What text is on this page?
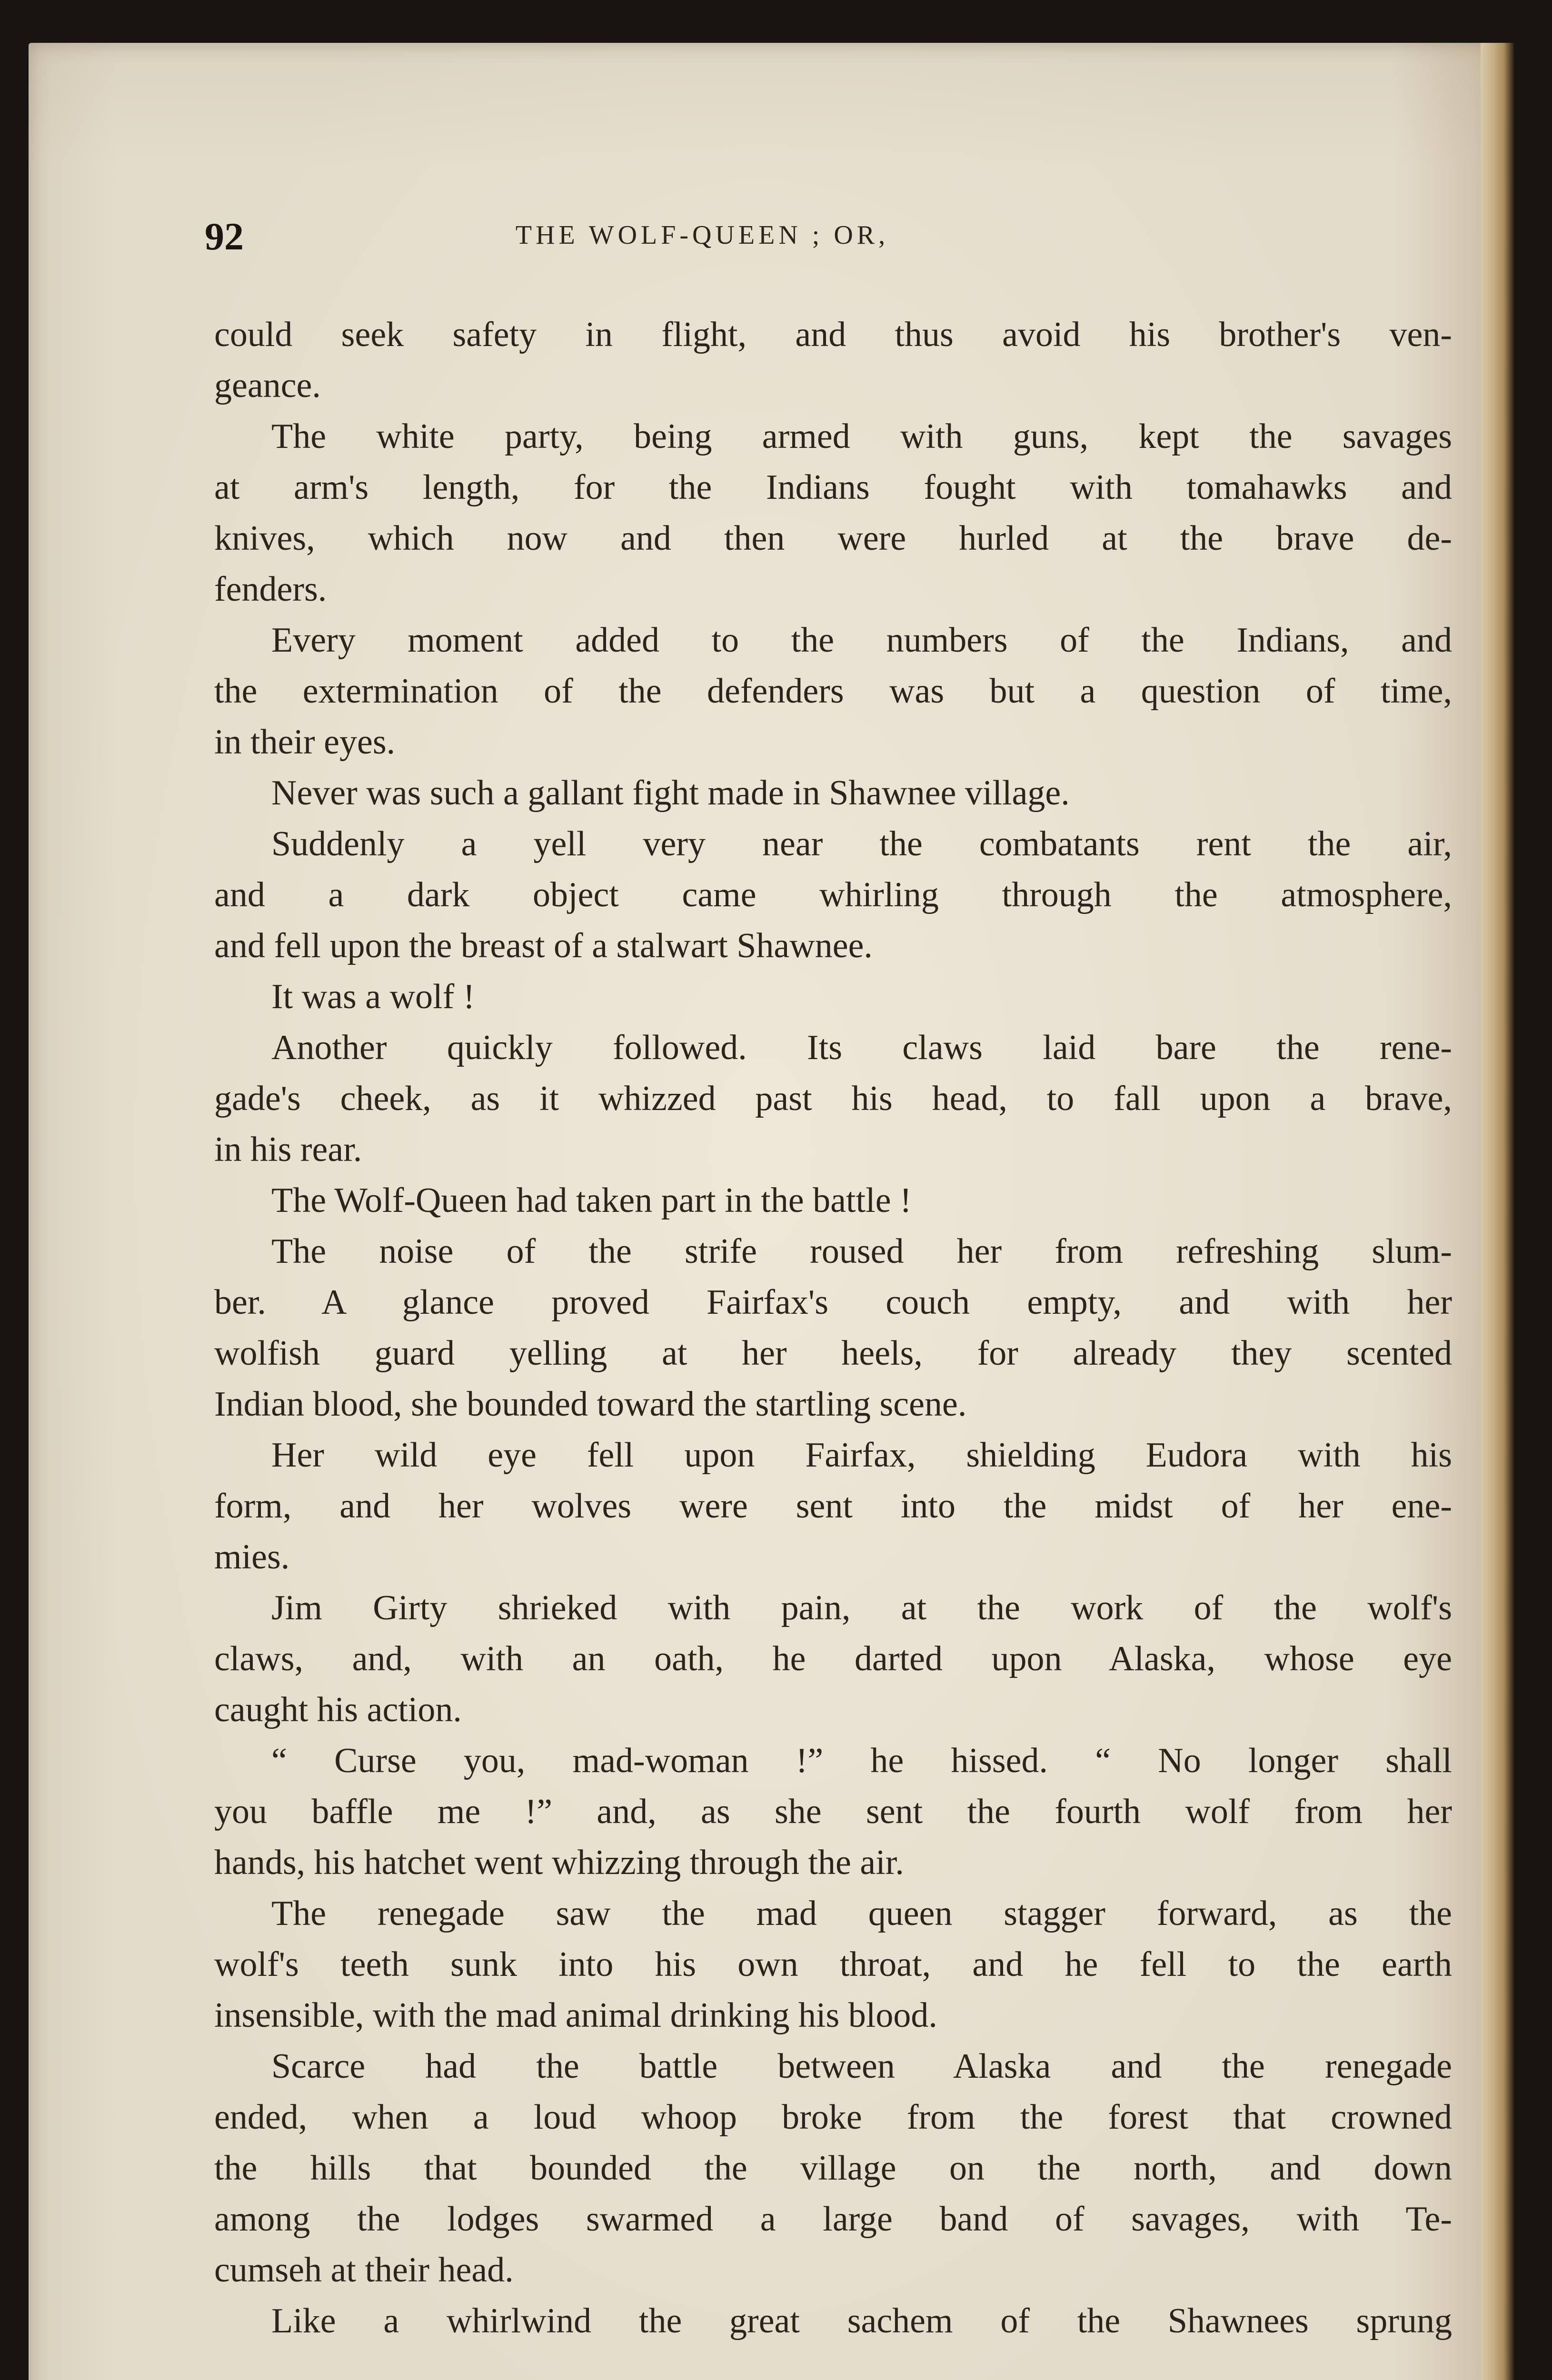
92	THE WOLF-QUEEN ; OR,
could seek safety in flight, and thus avoid his brother's ven-
geance.
The white party, being armed with guns, kept the savages
at arm's length, for the Indians fought with tomahawks and
knives, which now and then were hurled at the brave de-
fenders.
Every moment added to the numbers of the Indians, and
the extermination of the defenders was but a question of time,
in their eyes.
Never was such a gallant fight made in Shawnee village.
Suddenly a yell very near the combatants rent the air,
and a dark object came whirling through the atmosphere,
and fell upon the breast of a stalwart Shawnee.
It was a wolf !
Another quickly followed. Its claws laid bare the rene-
gade's cheek, as it whizzed past his head, to fall upon a brave,
in his rear.
The Wolf-Queen had taken part in the battle !
The noise of the strife roused her from refreshing slum-
ber. A glance proved Fairfax's couch empty, and with her
wolfish guard yelling at her heels, for already they scented
Indian blood, she bounded toward the startling scene.
Her wild eye fell upon Fairfax, shielding Eudora with his
form, and her wolves were sent into the midst of her ene-
mies.
Jim Girty shrieked with pain, at the work of the wolf's
claws, and, with an oath, he darted upon Alaska, whose eye
caught his action.
“ Curse you, mad-woman !” he hissed. “ No longer shall
you baffle me !” and, as she sent the fourth wolf from her
hands, his hatchet went whizzing through the air.
The renegade saw the mad queen stagger forward, as the
wolf's teeth sunk into his own throat, and he fell to the earth
insensible, with the mad animal drinking his blood.
Scarce had the battle between Alaska and the renegade
ended, when a loud whoop broke from the forest that crowned
the hills that bounded the village on the north, and down
among the lodges swarmed a large band of savages, with Te-
cumseh at their head.
Like a whirlwind the great sachem of the Shawnees sprung
